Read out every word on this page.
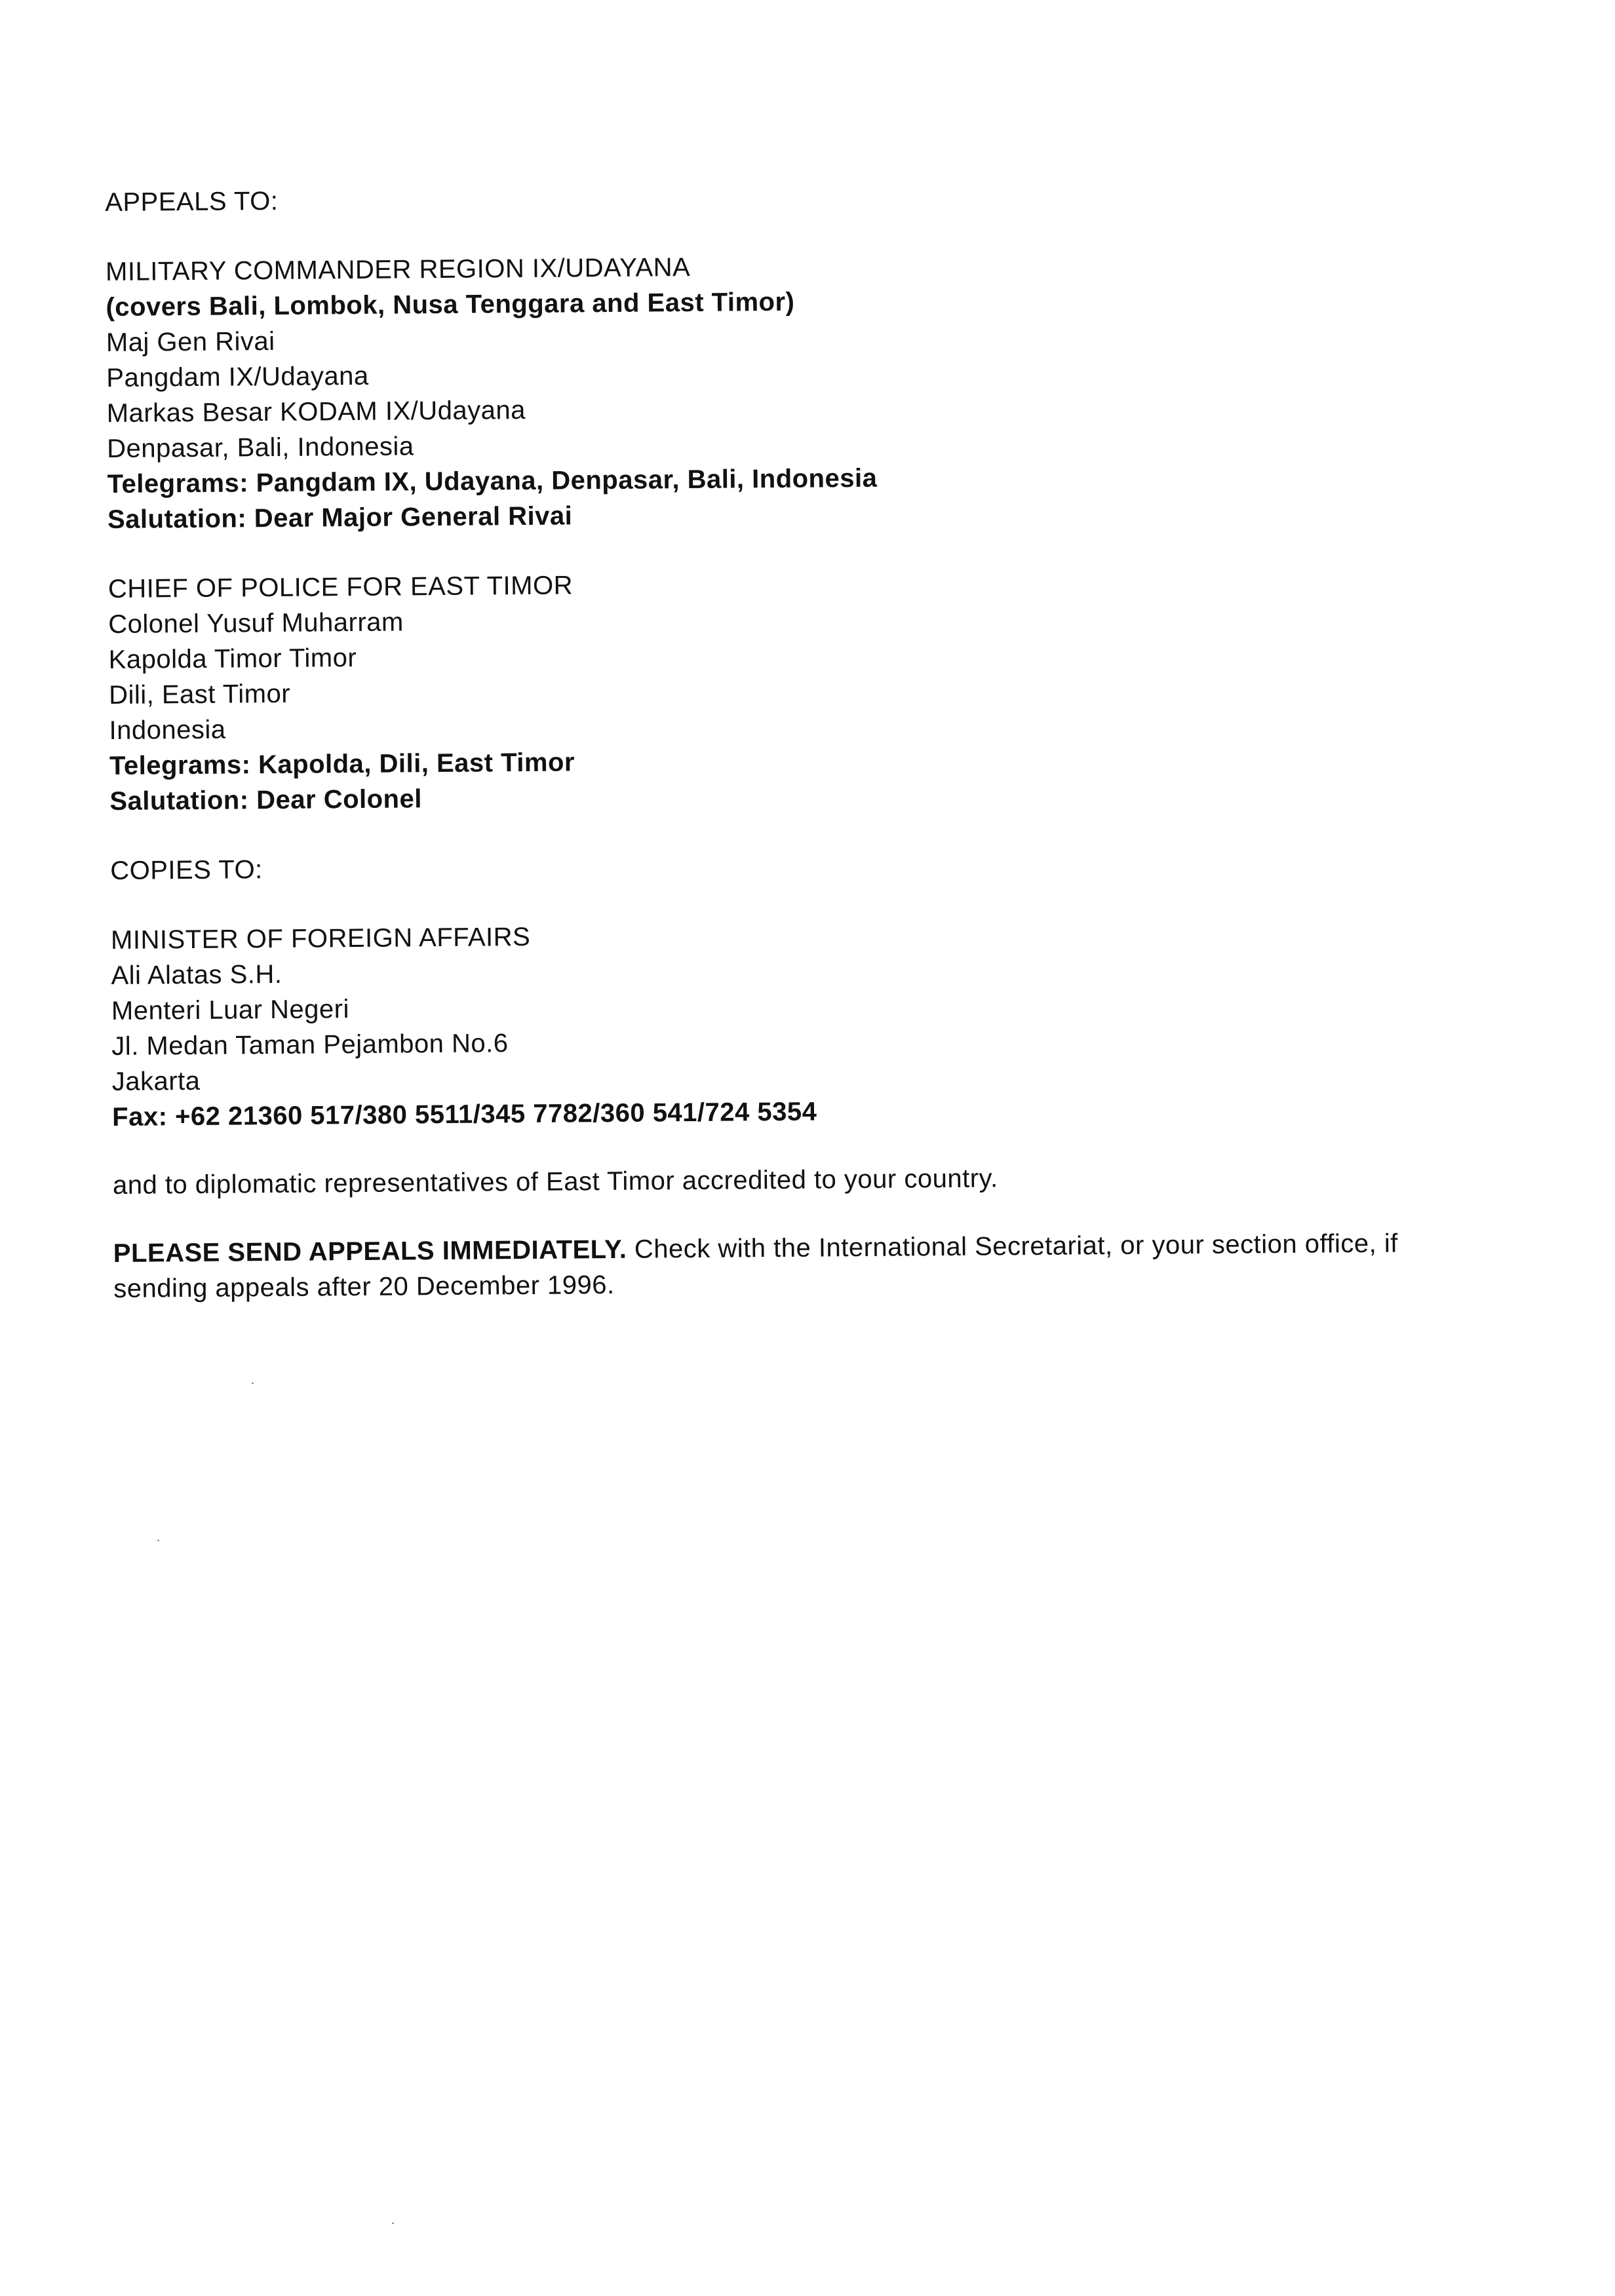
APPEALS TO:
MILITARY COMMANDER REGION IX/UDAYANA
(covers Bali, Lombok, Nusa Tenggara and East Timor)
Maj Gen Rivai
Pangdam IX/Udayana
Markas Besar KODAM IX/Udayana
Denpasar, Bali, Indonesia
Telegrams: Pangdam IX, Udayana, Denpasar, Bali, Indonesia
Salutation: Dear Major General Rivai
CHIEF OF POLICE FOR EAST TIMOR
Colonel Yusuf Muharram
Kapolda Timor Timor
Dili, East Timor
Indonesia
Telegrams: Kapolda, Dili, East Timor
Salutation: Dear Colonel
COPIES TO:
MINISTER OF FOREIGN AFFAIRS
Ali Alatas S.H.
Menteri Luar Negeri
Jl. Medan Taman Pejambon No.6
Jakarta
Fax: +62 21360 517/380 5511/345 7782/360 541/724 5354
and to diplomatic representatives of East Timor accredited to your country.
PLEASE SEND APPEALS IMMEDIATELY. Check with the International Secretariat, or your section office, if sending appeals after 20 December 1996.
